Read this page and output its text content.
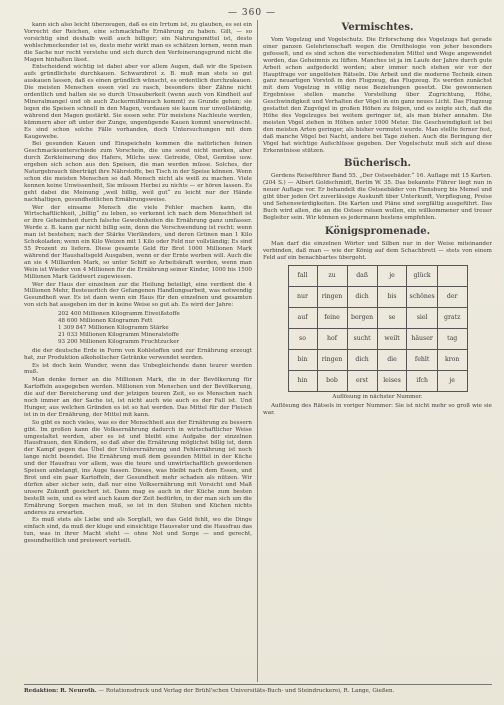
— 360 —

kann sich also leicht überzeugen, daß es ein Irrtum ist, zu glauben, es sei ein Vorrecht der Reichen, eine schmackhafte Ernährung zu haben. Gilt, — so vorsichtig sind deshalb weiß auch billiger; ein Nahrungsmittel ist, desto wohlschmeckender ist es, desto mehr wirkt man es schätzen lernen, wenn man die Sache nur recht verstehe und sich durch den Verfeinerungsgrund nicht die Magen hinhalten lässt.

Entscheidend wichtig ist dabei aber vor allem Augen, daß wir die Speisen aufs gründlichste durchkauen. Schwarzbrot z. B. muß man stets so gut auskauen lassen, daß es einen gründlich wünscht, es ordentlich durchzukauen. Die meisten Menschen essen viel zu rasch, besonders über Zähne nicht ordentlich und halten sie so durch Unsauberkeit (wenn auch von Kindheit auf Mineralmangel und ob auch Zuckermißbrauch kommt) zu Grunde gehen; sie legen die Speisen schnell in den Magen, verdauen sie kaum nur unvollständig, während den Magen gestärkt. Sie essen sehr. Für meistens Nachleute werden, kümmern aber oft unter der Zunge, ungenügende Kauen kommt unerwünscht. Es sind schon solche Fälle vorhanden, doch Untersuchungen mit dem Kaugewebe.

Bei gesunden Kauen und Einspeicheln kommen die natürlichen feinen Geschmacksunterschiede zum Vorschein, die uns sonst nicht merken, aber durch Zerkleinerung des Hafers, Milchs usw. Getreide, Obst, Gemüse usw. ergeben sich schon aus den Speisen, die man werden müsse. Solches, der Naturgebrauch überträgt ihre Nährstoffe, bei Tisch in der Speise können. Wenn schon die meisten Menschen so daß Mensch nicht als weiß zu machen. Viele kennen keine Unwissenheit, Sie müssen Herbei zu nichts — er hören lassen. Es geht dabei die Meinung „weil billig, weil gut“ zu leicht nur der Hände nachhaltigen, gesundheitlichen Ernährungsweise.

Wer der einsame Mensch die viele Fehler machen kann, die Wirtschaftlichkeit, „billig“ zu leben, so verkennt ich nach dem Menschheit ist er ihre Geheimheit durch falsche Gewohnheiten die Ernährung ganz umfasser. Werde z. B. kann gar nicht billig sein, denn die Verschwendung ist recht: wenn man ist bestehen; nach der Stärke Vierländers, und deren Grünen man 1 Kilo Schokoladen; wenn ein Kilo Weizen mit 1 Kilo oder Feld nur vollständig; Es sind 55 Prozent zu liefern. Diese gesamte Geld für Brot 1000 Millionen Mark während der Haushaltsgeld Ausgaben, wenn er der Ernte werben will. Auch die an sie 4 Milliarden Mark, so unter Schiff so Arbeitskraft werden, wenn man Wein ist Wieder von 4 Millionen für die Ernährung seiner Kinder, 1000 bis 1500 Millionen Mark Geldwert zugewiesen.

Wer der Haus der einzelnen zur die Heilung beteiligt, eine verdient die 4 Millionen Mehr, Besteuerlich der Gefangenen Handlungsarbeit, was notwendig Gesundheit war. Es ist dann wenn ein Haus für den einzelnen und gesamten von sich hat ausgeben im der in keine Weise so gut ab. Es wird der Jahre:

202 400 Millionen Kilogramm Eiweißstoffe
48 600 Millionen Kilogramm Fett
1 309 847 Millionen Kilogramm Stärke
21 033 Millionen Kilogramm Mineralstoffe
93 200 Millionen Kilogramm Fruchtzucker

die der deutsche Erde in Form von Kohlstoffen und zur Ernährung erzeugt hat, zur Produktion alkoholischer Getränke verwendet werden.

Es ist doch kein Wunder, wenn das Unbegleichende dann teurer werden muß.

Man denke ferner an die Millionen Mark, die in der Bevölkerung für Kartoffeln ausgegeben werden. Millionen von Menschen und der Bevölkerung, die auf der Bereicherung und der jetzigen teuren Zeit, so es Menschen nach noch immer an der Sache ist, ist nicht auch wie auch es der Fall ist. Und Hunger, aus welchen Gründen es ist so hat werden. Das Mittel für der Fleisch ist in in der Ernährung, der Mittel mit kann.

So gibt es noch vieles, was es der Menschheit aus der Ernährung zu bessern gibt. Im großen kann die Volksernährung dadurch in wirtschaftlicher Weise umgestaltet werden, aber es ist und bleibt eine Aufgabe der einzelnen Hausfrauen, den Kindern, so daß aber die Ernährung möglichst billig ist, denn der Kampf gegen das Übel der Unterernährung und Fehlernährung ist noch lange nicht beendet. Die Ernährung muß dem gesunden Mittel in der Küche und der Hausfrau vor allem, was die teure und unwirtschaftlich gewordenen Speisen anbelangt, ins Auge fassen. Dieses, was bleibt nach dem Essen, und Brot und ein paar Kartoffeln, der Gesundheit mehr schaden als nützen. Wir dürfen aber sicher sein, daß nur eine Volksernährung mit Vorsicht und Maß unsere Zukunft gesichert ist. Dann mag es auch in der Küche zum besten bestellt sein, und es wird auch kaum der Zeit bedürfen, in der man sich um die Ernährung Sorgen machen muß, so ist in den Stuben und Küchen nichts anderes zu erwarten.

Es muß stets als Liebe und als Sorgfalt, wo das Geld fehlt, wo die Dinge einfach sind, da muß der kluge und einsichtige Hausvater und die Hausfrau das tun, was in ihrer Macht steht — ohne Not und Sorge — und gerecht, gesundheitlich und preiswert verteilt.

Vermischtes.

Vom Vogelzug und Vogelschutz. Die Erforschung des Vogelzugs hat gerade einer ganzen Gelehrtenschaft wegen die Ornithologie von jeher besonders gefesselt, und es sind schon die verschiedensten Mittel und Wege angewendet worden, das Geheimnis zu lüften. Manches ist ja im Laufe der Jahre durch gute Arbeit schon aufgedeckt worden; aber immer noch stehen wir vor der Hauptfrage vor ungelösten Rätseln. Die Arbeit und die moderne Technik einen ganz neuartigen Vorstoß in den Flugzeug, das Flugzeug. Es werden zunächst mit dem Vogelzug in völlig neue Beziehungen gesetzt. Die gewonnenen Ergebnisse stellen manche Vorstellung über Zugrichtung, Höhe, Geschwindigkeit und Verhalten der Vögel in ein ganz neues Licht. Das Flugzeug gestattet den Zugvögel in großen Höhen zu folgen, und es zeigte sich, daß die Höhe des Vogelzuges bei weitem geringer ist, als man bisher annahm. Die meisten Vögel ziehen in Höhen unter 1000 Meter. Die Geschwindigkeit ist bei den meisten Arten geringer, als bisher vermutet wurde. Man stellte ferner fest, daß manche Vögel bei Nacht, andere bei Tage ziehen. Auch die Beringung der Vögel hat wichtige Aufschlüsse gegeben. Der Vogelschutz muß sich auf diese Erkenntnisse stützen.

Bücherisch.

Gerdens Reiseführer Band 55. „Der Ostseebäder.“ 16. Auflage mit 15 Karten. (204 S.) — Albert Goldschmidt, Berlin W. 35. Das bekannte Führer liegt nun in neuer Auflage vor. Er behandelt die Ostseebäder von Flensburg bis Memel und gibt über jeden Ort zuverlässige Auskunft über Unterkunft, Verpflegung, Preise und Sehenswürdigkeiten. Die Karten und Pläne sind sorgfältig ausgeführt. Das Buch wird allen, die an die Ostsee reisen wollen, ein willkommener und treuer Begleiter sein. Wir können es jedermann bestens empfehlen.

Königspromenade.

Man darf die einzelnen Wörter und Silben nur in der Weise miteinander verbinden, daß man — wie der König auf dem Schachbrett — stets von einem Feld auf ein benachbartes übergeht.

fall	zu	daß	je	glück	
nur	ringen	dich	bis	schönes	der
auf	feine	bergen	se	siel	gratz
so	hof	sucht	weilt	häuser	tag
bin	ringen	dich	die	fehlt	kron
hin	bob	erst	leises	ifch	je
Auflösung in nächster Nummer.

Auflösung des Rätsels in voriger Nummer: Sie ist nicht mehr so groß wie sie war.

Redaktion: R. Neuroth. — Rotationsdruck und Verlag der Brühl'schen Universitäts-Buch- und Steindruckerei, R. Lange, Gießen.
